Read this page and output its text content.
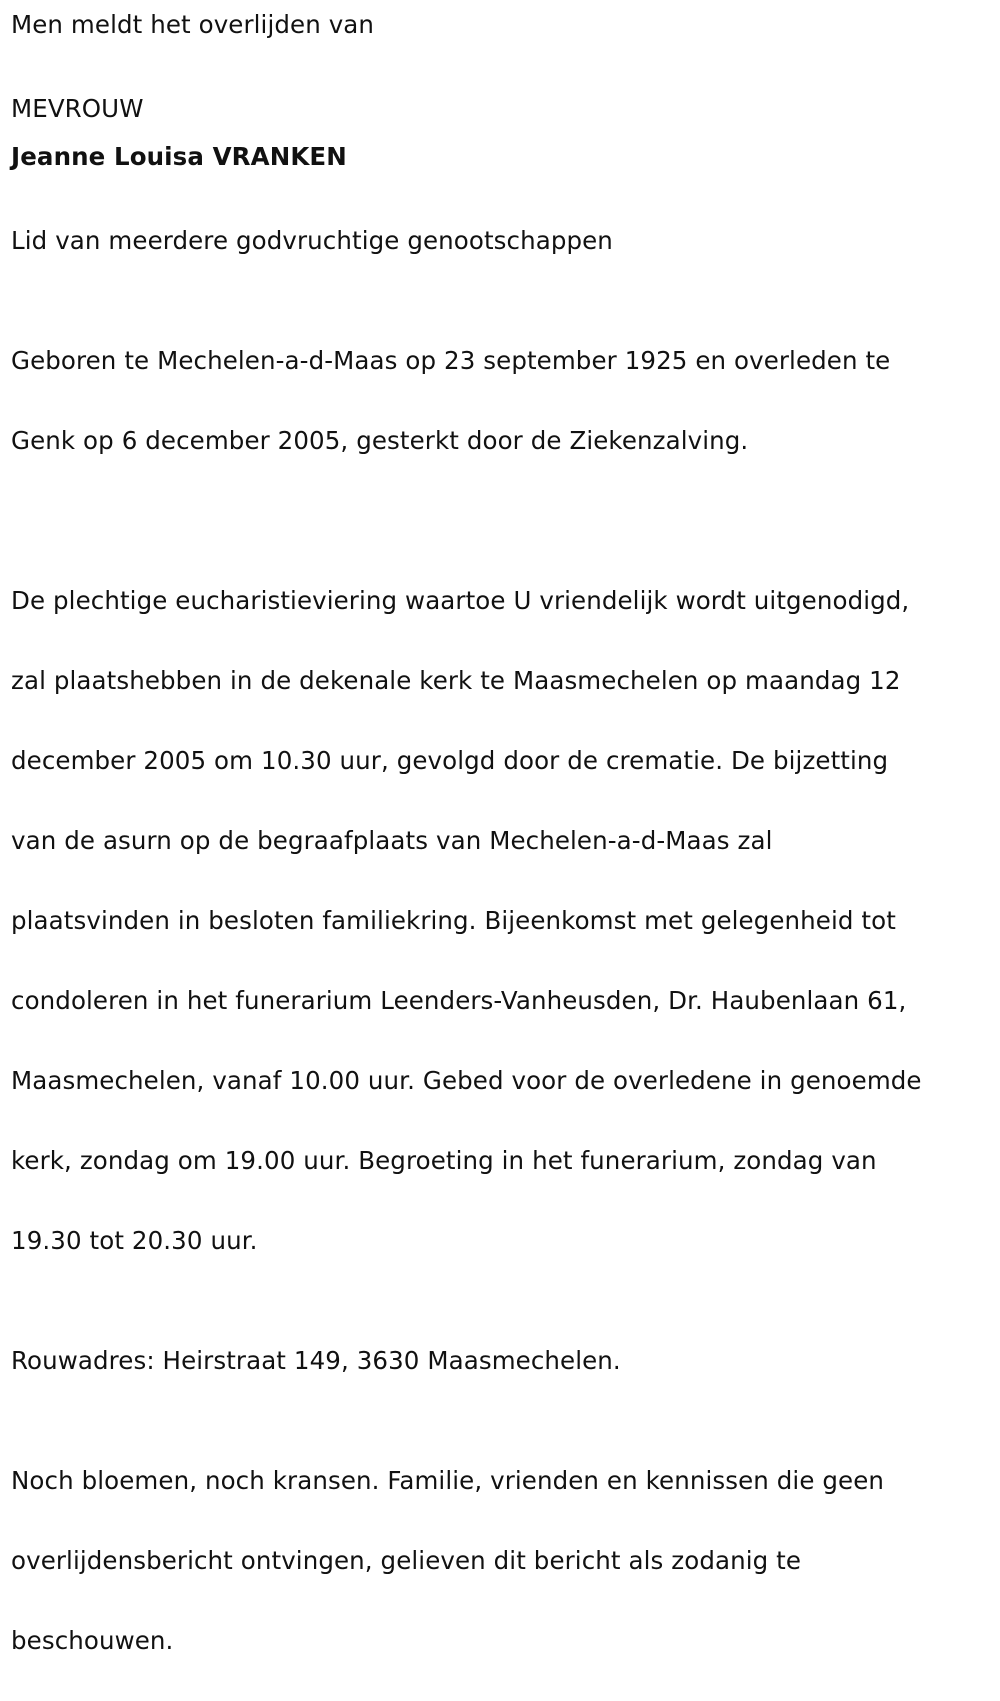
Men meldt het overlijden van
MEVROUW
Jeanne Louisa VRANKEN
Lid van meerdere godvruchtige genootschappen

Geboren te Mechelen-a-d-Maas op 23 september 1925 en overleden te

Genk op 6 december 2005, gesterkt door de Ziekenzalving.

De plechtige eucharistieviering waartoe U vriendelijk wordt uitgenodigd,

zal plaatshebben in de dekenale kerk te Maasmechelen op maandag 12

december 2005 om 10.30 uur, gevolgd door de crematie. De bijzetting

van de asurn op de begraafplaats van Mechelen-a-d-Maas zal

plaatsvinden in besloten familiekring. Bijeenkomst met gelegenheid tot

condoleren in het funerarium Leenders-Vanheusden, Dr. Haubenlaan 61,

Maasmechelen, vanaf 10.00 uur. Gebed voor de overledene in genoemde

kerk, zondag om 19.00 uur. Begroeting in het funerarium, zondag van

19.30 tot 20.30 uur.

Rouwadres: Heirstraat 149, 3630 Maasmechelen.

Noch bloemen, noch kransen. Familie, vrienden en kennissen die geen

overlijdensbericht ontvingen, gelieven dit bericht als zodanig te

beschouwen.
